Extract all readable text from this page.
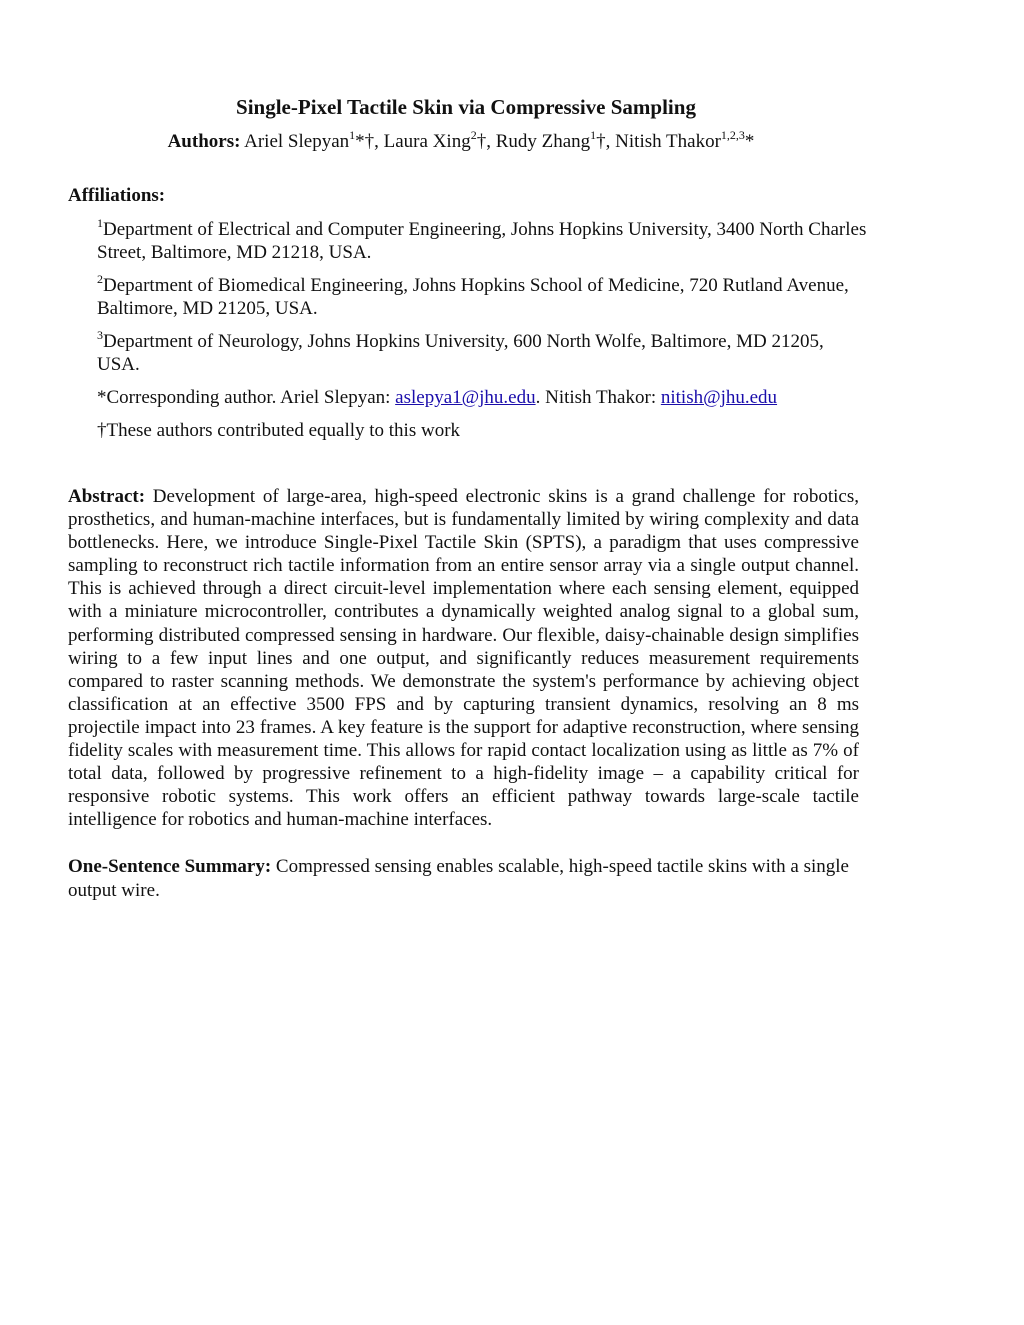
Single-Pixel Tactile Skin via Compressive Sampling
Authors: Ariel Slepyan$^1$*†, Laura Xing$^2$†, Rudy Zhang$^1$†, Nitish Thakor$^{1,2,3}$*
Affiliations:
$^1$Department of Electrical and Computer Engineering, Johns Hopkins University, 3400 North Charles Street, Baltimore, MD 21218, USA.
$^2$Department of Biomedical Engineering, Johns Hopkins School of Medicine, 720 Rutland Avenue, Baltimore, MD 21205, USA.
$^3$Department of Neurology, Johns Hopkins University, 600 North Wolfe, Baltimore, MD 21205, USA.
*Corresponding author. Ariel Slepyan: aslepya1@jhu.edu. Nitish Thakor: nitish@jhu.edu
†These authors contributed equally to this work
Abstract: Development of large-area, high-speed electronic skins is a grand challenge for robotics, prosthetics, and human-machine interfaces, but is fundamentally limited by wiring complexity and data bottlenecks. Here, we introduce Single-Pixel Tactile Skin (SPTS), a paradigm that uses compressive sampling to reconstruct rich tactile information from an entire sensor array via a single output channel. This is achieved through a direct circuit-level implementation where each sensing element, equipped with a miniature microcontroller, contributes a dynamically weighted analog signal to a global sum, performing distributed compressed sensing in hardware. Our flexible, daisy-chainable design simplifies wiring to a few input lines and one output, and significantly reduces measurement requirements compared to raster scanning methods. We demonstrate the system's performance by achieving object classification at an effective 3500 FPS and by capturing transient dynamics, resolving an 8 ms projectile impact into 23 frames. A key feature is the support for adaptive reconstruction, where sensing fidelity scales with measurement time. This allows for rapid contact localization using as little as 7% of total data, followed by progressive refinement to a high-fidelity image – a capability critical for responsive robotic systems. This work offers an efficient pathway towards large-scale tactile intelligence for robotics and human-machine interfaces.
One-Sentence Summary: Compressed sensing enables scalable, high-speed tactile skins with a single output wire.
